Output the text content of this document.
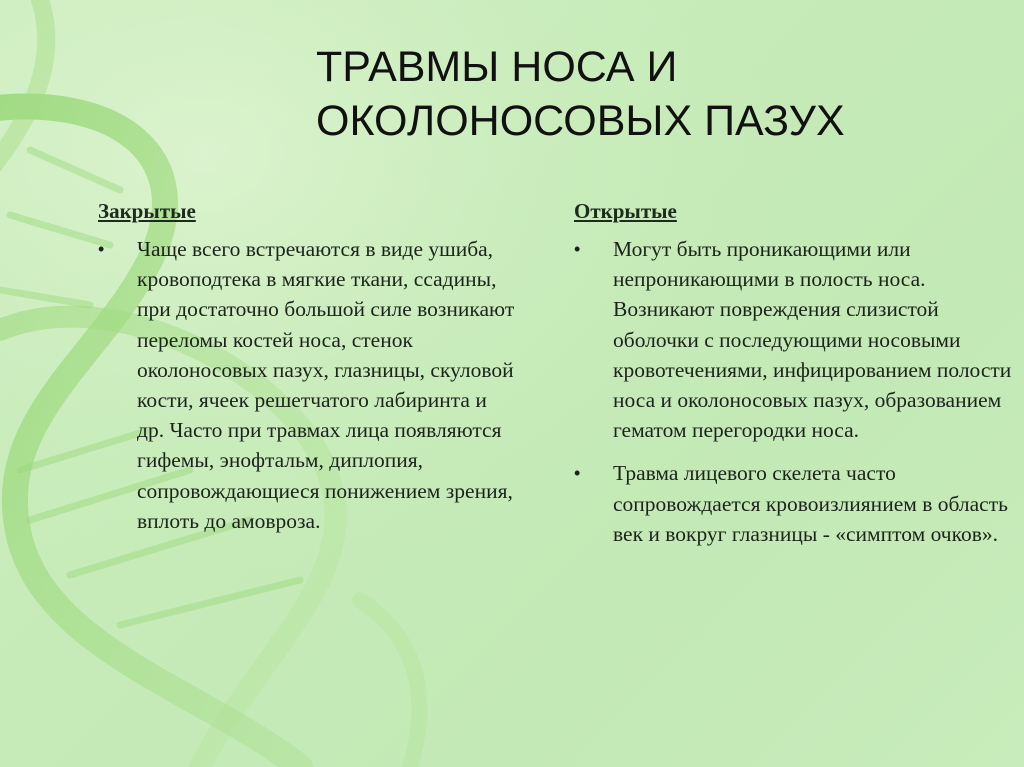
ТРАВМЫ НОСА И
ОКОЛОНОСОВЫХ ПАЗУХ
Закрытые
• Чаще всего встречаются в виде ушиба, кровоподтека в мягкие ткани, ссадины, при достаточно большой силе возникают переломы костей носа, стенок околоносовых пазух, глазницы, скуловой кости, ячеек решетчатого лабиринта и др. Часто при травмах лица появляются гифемы, энофтальм, диплопия, сопровождающиеся понижением зрения, вплоть до амовроза.
Открытые
• Могут быть проникающими или непроникающими в полость носа. Возникают повреждения слизистой оболочки с последующими носовыми кровотечениями, инфицированием полости носа и околоносовых пазух, образованием гематом перегородки носа.
• Травма лицевого скелета часто сопровождается кровоизлиянием в область век и вокруг глазницы - «симптом очков».
